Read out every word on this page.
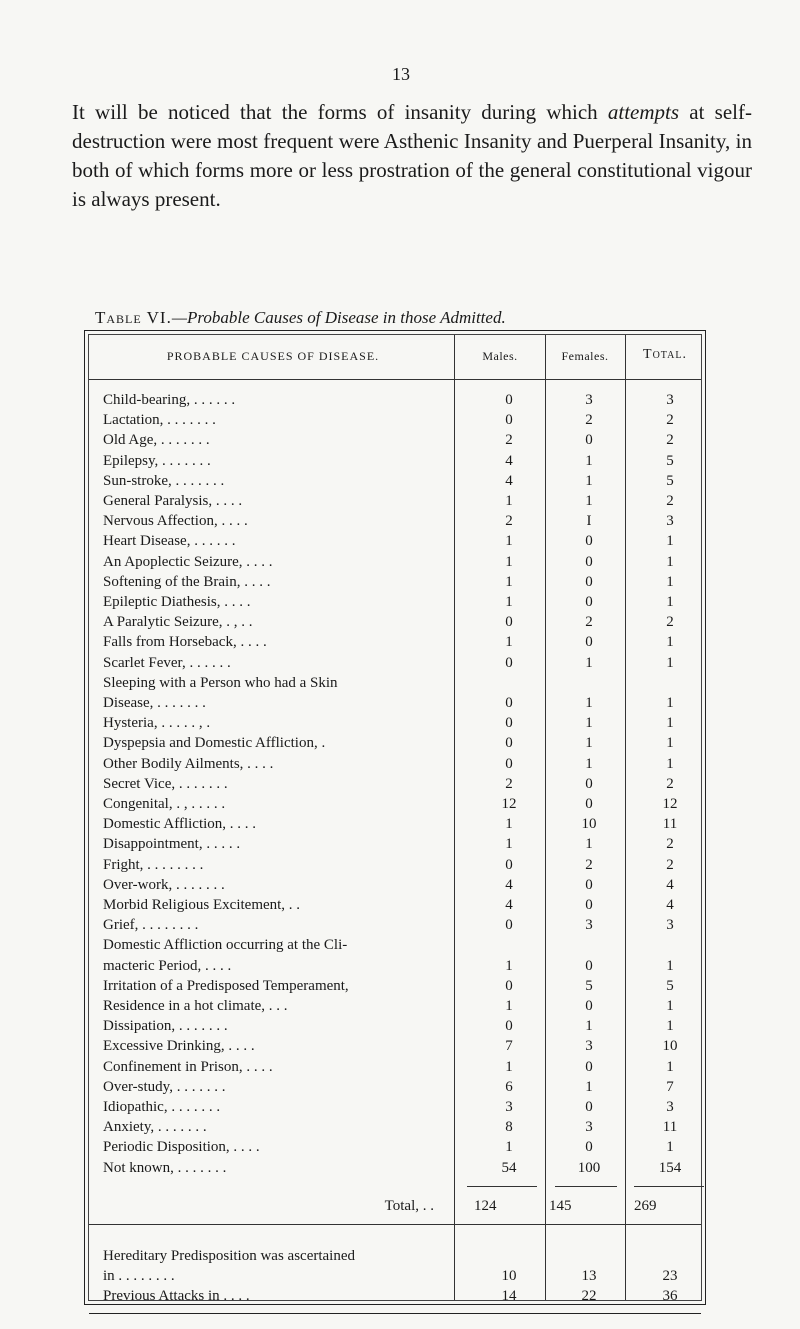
13
It will be noticed that the forms of insanity during which attempts at self-destruction were most frequent were Asthenic Insanity and Puerperal Insanity, in both of which forms more or less prostration of the general constitutional vigour is always present.
Table VI.—Probable Causes of Disease in those Admitted.
PROBABLE CAUSES OF DISEASE.	Males.	Females.	Total.
Child-bearing, . . . . . .	0	3	3
Lactation, . . . . . . .	0	2	2
Old Age, . . . . . . .	2	0	2
Epilepsy, . . . . . . .	4	1	5
Sun-stroke, . . . . . . .	4	1	5
General Paralysis, . . . .	1	1	2
Nervous Affection, . . . .	2	I	3
Heart Disease, . . . . . .	1	0	1
An Apoplectic Seizure, . . . .	1	0	1
Softening of the Brain, . . . .	1	0	1
Epileptic Diathesis, . . . .	1	0	1
A Paralytic Seizure, . , . .	0	2	2
Falls from Horseback, . . . .	1	0	1
Scarlet Fever, . . . . . .	0	1	1
Sleeping with a Person who had a Skin
Disease, . . . . . . .	0	1	1
Hysteria, . . . . . , .	0	1	1
Dyspepsia and Domestic Affliction, .	0	1	1
Other Bodily Ailments, . . . .	0	1	1
Secret Vice, . . . . . . .	2	0	2
Congenital, . , . . . . .	12	0	12
Domestic Affliction, . . . .	1	10	11
Disappointment, . . . . .	1	1	2
Fright, . . . . . . . .	0	2	2
Over-work, . . . . . . .	4	0	4
Morbid Religious Excitement, . .	4	0	4
Grief, . . . . . . . .	0	3	3
Domestic Affliction occurring at the Cli-
macteric Period, . . . .	1	0	1
Irritation of a Predisposed Temperament,	0	5	5
Residence in a hot climate, . . .	1	0	1
Dissipation, . . . . . . .	0	1	1
Excessive Drinking, . . . .	7	3	10
Confinement in Prison, . . . .	1	0	1
Over-study, . . . . . . .	6	1	7
Idiopathic, . . . . . . .	3	0	3
Anxiety, . . . . . . .	8	3	11
Periodic Disposition, . . . .	1	0	1
Not known, . . . . . . .	54	100	154
Total, . .	124	145	269
Hereditary Predisposition was ascertained
in . . . . . . . .	10	13	23
Previous Attacks in . . . .	14	22	36
